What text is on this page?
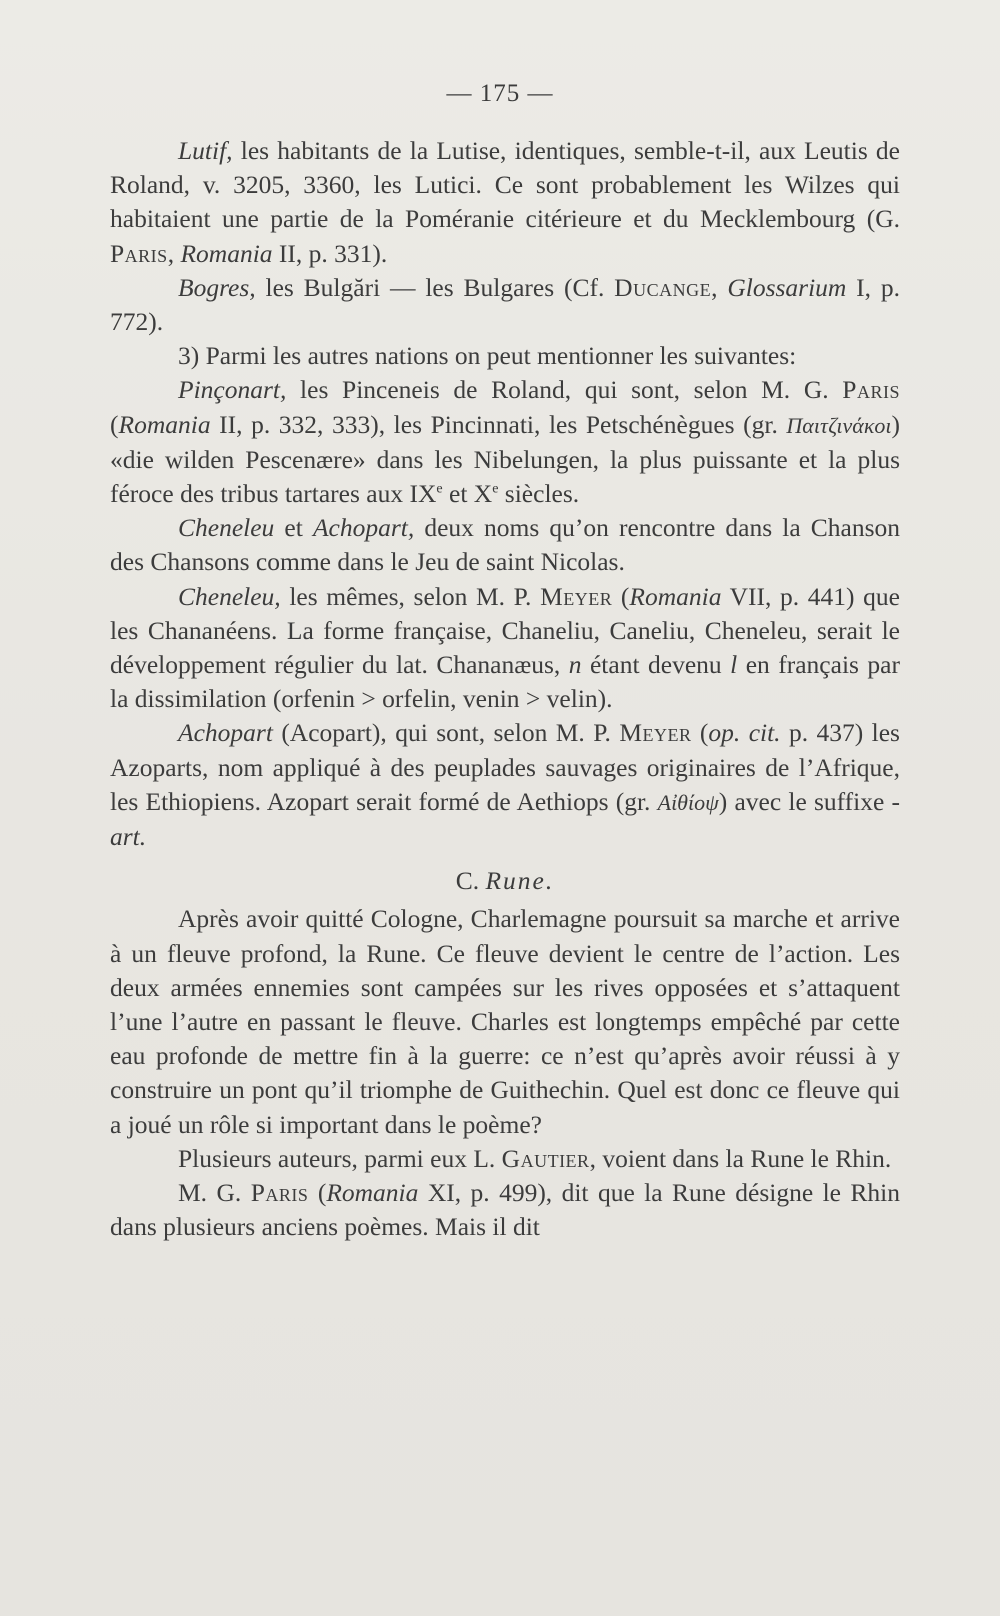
— 175 —

Lutif, les habitants de la Lutise, identiques, semble-t-il, aux Leutis de Roland, v. 3205, 3360, les Lutici. Ce sont probablement les Wilzes qui habitaient une partie de la Poméranie citérieure et du Mecklembourg (G. Paris, Romania II, p. 331).

Bogres, les Bulgări — les Bulgares (Cf. Ducange, Glossarium I, p. 772).

3) Parmi les autres nations on peut mentionner les suivantes:

Pinçonart, les Pinceneis de Roland, qui sont, selon M. G. Paris (Romania II, p. 332, 333), les Pincinnati, les Petschénègues (gr. Παιτζινάκοι) «die wilden Pescenære» dans les Nibelungen, la plus puissante et la plus féroce des tribus tartares aux IXe et Xe siècles.

Cheneleu et Achopart, deux noms qu’on rencontre dans la Chanson des Chansons comme dans le Jeu de saint Nicolas.

Cheneleu, les mêmes, selon M. P. Meyer (Romania VII, p. 441) que les Chananéens. La forme française, Chaneliu, Caneliu, Cheneleu, serait le développement régulier du lat. Chananæus, n étant devenu l en français par la dissimilation (orfenin > orfelin, venin > velin).

Achopart (Acopart), qui sont, selon M. P. Meyer (op. cit. p. 437) les Azoparts, nom appliqué à des peuplades sauvages originaires de l’Afrique, les Ethiopiens. Azopart serait formé de Aethiops (gr. Αἰθίοψ) avec le suffixe -art.

C. Rune.

Après avoir quitté Cologne, Charlemagne poursuit sa marche et arrive à un fleuve profond, la Rune. Ce fleuve devient le centre de l’action. Les deux armées ennemies sont campées sur les rives opposées et s’attaquent l’une l’autre en passant le fleuve. Charles est longtemps empêché par cette eau profonde de mettre fin à la guerre: ce n’est qu’après avoir réussi à y construire un pont qu’il triomphe de Guithechin. Quel est donc ce fleuve qui a joué un rôle si important dans le poème?

Plusieurs auteurs, parmi eux L. Gautier, voient dans la Rune le Rhin.

M. G. Paris (Romania XI, p. 499), dit que la Rune désigne le Rhin dans plusieurs anciens poèmes. Mais il dit
